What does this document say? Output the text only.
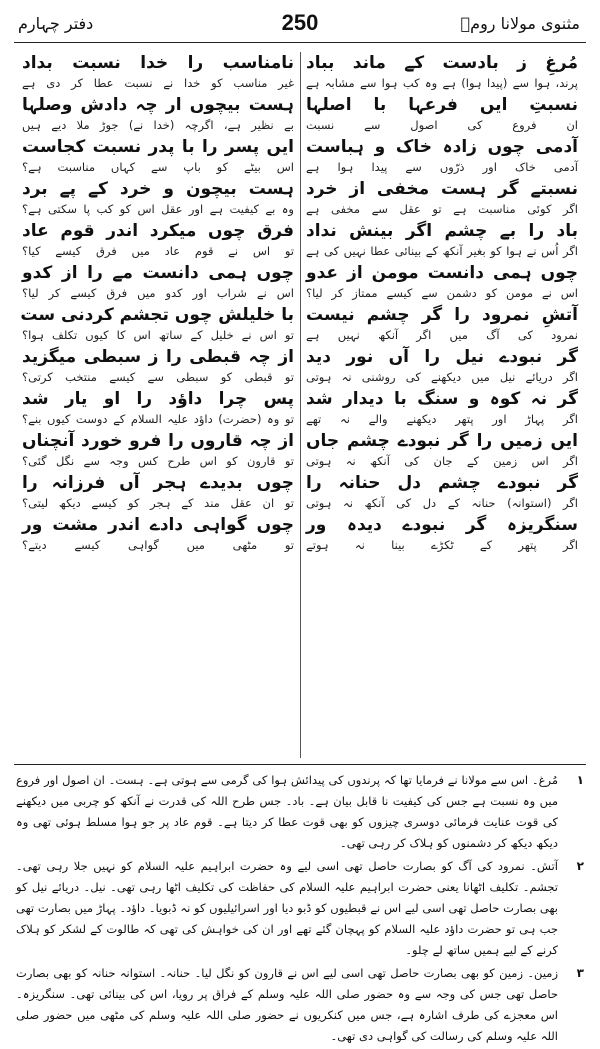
دفتر چہارم	250	مثنوی مولانا رومؒ
مُرغِ ز بادست کے ماند بباد
پرند، ہوا سے (پیدا ہوا) ہے وہ کب ہوا سے مشابہ ہے
نسبتِ ایں فرعہا با اصلہا
ان فروع کی اصول سے نسبت
آدمی چوں زادہ خاک و ہباست
آدمی خاک اور ذرّوں سے پیدا ہوا ہے
نسبتے گر ہست مخفی از خرد
اگر کوئی مناسبت ہے تو عقل سے مخفی ہے
باد را بے چشم اگر بینش نداد
اگر اُس نے ہوا کو بغیر آنکھ کے بینائی عطا نہیں کی ہے
چوں ہمی دانست مومن از عدو
اس نے مومن کو دشمن سے کیسے ممتاز کر لیا؟
آتشِ نمرود را گر چشم نیست
نمرود کی آگ میں اگر آنکھ نہیں ہے
گر نبودے نیل را آں نور دید
اگر دریائے نیل میں دیکھنے کی روشنی نہ ہوتی
گر نہ کوہ و سنگ با دیدار شد
اگر پہاڑ اور پتھر دیکھنے والے نہ تھے
ایں زمیں را گر نبودے چشم جاں
اگر اس زمین کے جان کی آنکھ نہ ہوتی
گر نبودے چشم دل حنانہ را
اگر (استوانہ) حنانہ کے دل کی آنکھ نہ ہوتی
سنگریزہ گر نبودے دیدہ ور
اگر پتھر کے ٹکڑے بینا نہ ہوتے
نامناسب را خدا نسبت بداد
غیر مناسب کو خدا نے نسبت عطا کر دی ہے
ہست بیچوں ار چہ دادش وصلہا
بے نظیر ہے، اگرچہ (خدا نے) جوڑ ملا دیے ہیں
ایں پسر را با پدر نسبت کجاست
اس بیٹے کو باپ سے کہاں مناسبت ہے؟
ہست بیچون و خرد کے پے برد
وہ بے کیفیت ہے اور عقل اس کو کب پا سکتی ہے؟
فرق چوں میکرد اندر قوم عاد
تو اس نے قوم عاد میں فرق کیسے کیا؟
چوں ہمی دانست مے را از کدو
اس نے شراب اور کدو میں فرق کیسے کر لیا؟
با خلیلش چوں تجشم کردنی ست
تو اس نے خلیل کے ساتھ اس کا کیوں تکلف ہوا؟
از چہ قبطی را ز سبطی میگزید
تو قبطی کو سبطی سے کیسے منتخب کرتی؟
پس چرا داؤد را او یار شد
تو وہ (حضرت) داؤد علیہ السلام کے دوست کیوں بنے؟
از چہ قاروں را فرو خورد آنچناں
تو قارون کو اس طرح کس وجہ سے نگل گئی؟
چوں بدیدے ہجر آں فرزانہ را
تو ان عقل مند کے ہجر کو کیسے دیکھ لیتی؟
چوں گواہی دادے اندر مشت ور
تو مٹھی میں گواہی کیسے دیتے؟
۱
مُرغ۔ اس سے مولانا نے فرمایا تھا کہ پرندوں کی پیدائش ہوا کی گرمی سے ہوتی ہے۔ ہست۔ ان اصول اور فروع میں وہ نسبت ہے جس کی کیفیت نا قابل بیان ہے۔ باد۔ جس طرح اللہ کی قدرت نے آنکھ کو چربی میں دیکھنے کی قوت عنایت فرمائی دوسری چیزوں کو بھی قوت عطا کر دیتا ہے۔ قوم عاد پر جو ہوا مسلط ہوئی تھی وہ دیکھ دیکھ کر دشمنوں کو ہلاک کر رہی تھی۔
۲
آتش۔ نمرود کی آگ کو بصارت حاصل تھی اسی لیے وہ حضرت ابراہیم علیہ السلام کو نہیں جلا رہی تھی۔ تجشم۔ تکلیف اٹھانا یعنی حضرت ابراہیم علیہ السلام کی حفاظت کی تکلیف اٹھا رہی تھی۔ نیل۔ دریائے نیل کو بھی بصارت حاصل تھی اسی لیے اس نے قبطیوں کو ڈبو دیا اور اسرائیلیوں کو نہ ڈبویا۔ داؤد۔ پہاڑ میں بصارت تھی جب ہی تو حضرت داؤد علیہ السلام کو پہچان گئے تھے اور ان کی خواہش کی تھی کہ طالوت کے لشکر کو ہلاک کرنے کے لیے ہمیں ساتھ لے چلو۔
۳
زمین۔ زمین کو بھی بصارت حاصل تھی اسی لیے اس نے قارون کو نگل لیا۔ حنانہ۔ استوانہ حنانہ کو بھی بصارت حاصل تھی جس کی وجہ سے وہ حضور صلی اللہ علیہ وسلم کے فراق پر رویا، اس کی بینائی تھی۔ سنگریزہ۔ اس معجزے کی طرف اشارہ ہے، جس میں کنکریوں نے حضور صلی اللہ علیہ وسلم کی مٹھی میں حضور صلی اللہ علیہ وسلم کی رسالت کی گواہی دی تھی۔
